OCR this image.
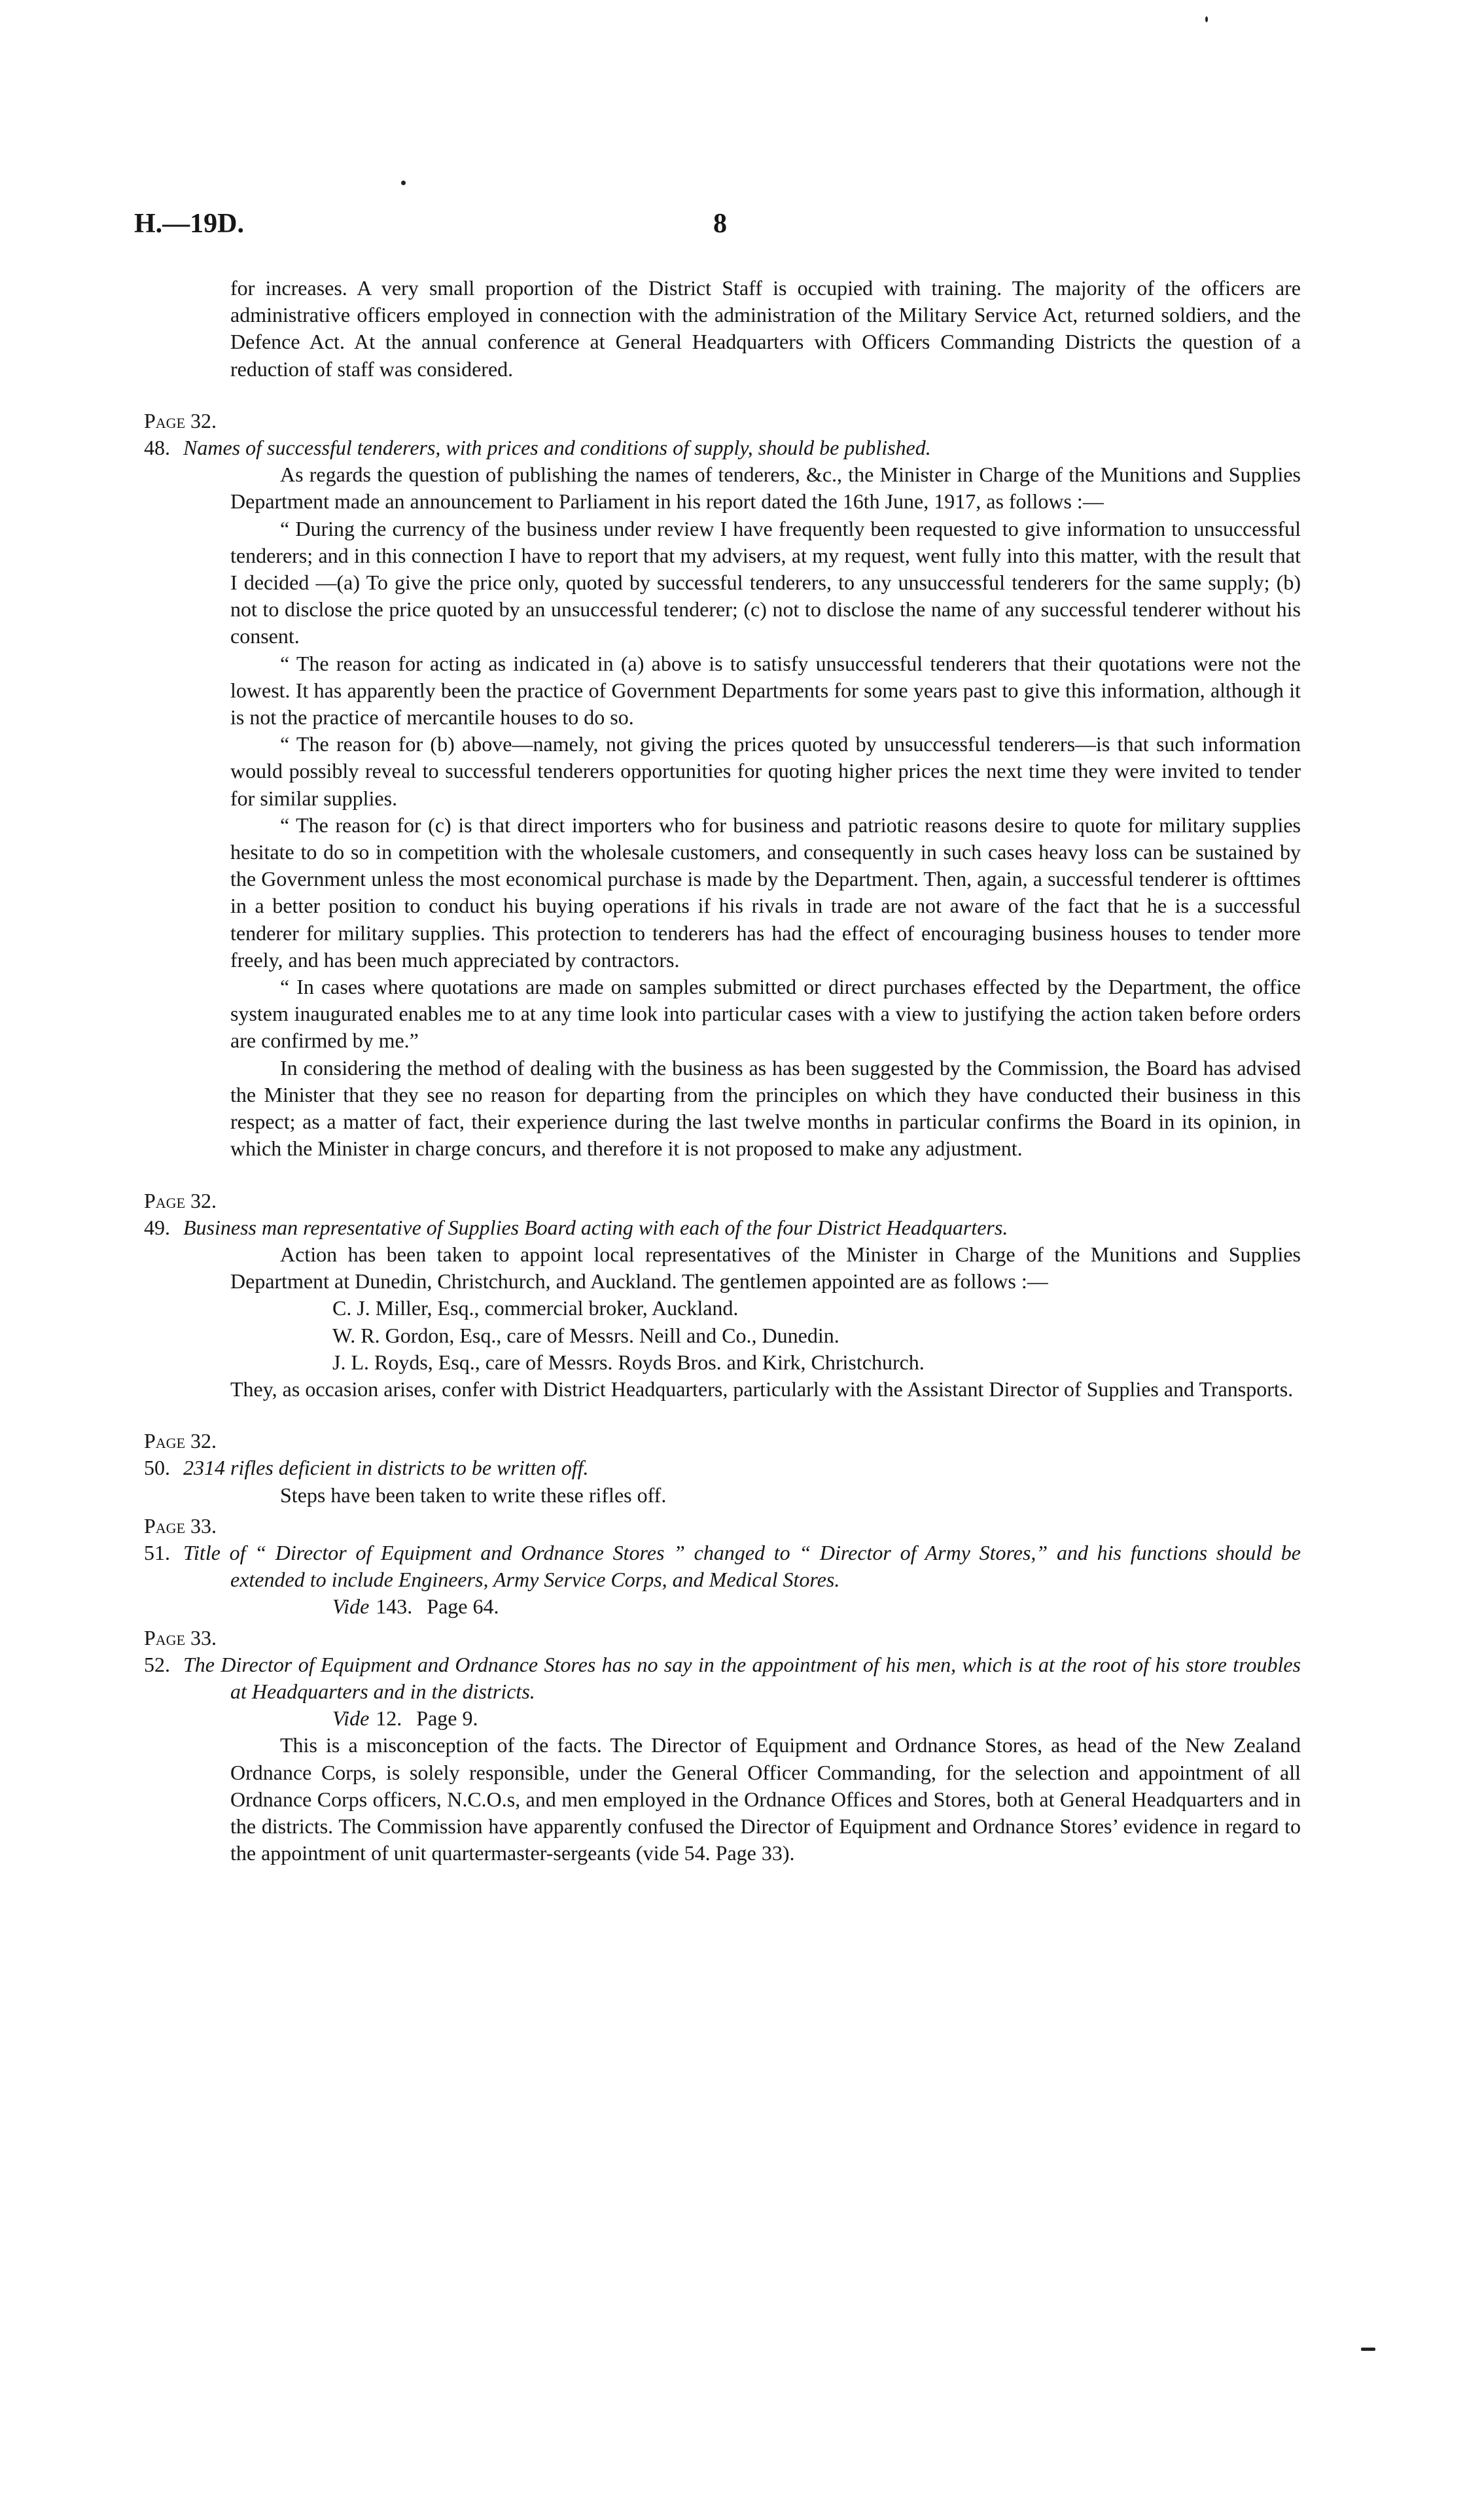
H.—19D.	8

for increases. A very small proportion of the District Staff is occupied with training. The majority of the officers are administrative officers employed in connection with the administration of the Military Service Act, returned soldiers, and the Defence Act. At the annual conference at General Headquarters with Officers Commanding Districts the question of a reduction of staff was considered.

Page 32.

48. Names of successful tenderers, with prices and conditions of supply, should be published.

As regards the question of publishing the names of tenderers, &c., the Minister in Charge of the Munitions and Supplies Department made an announcement to Parliament in his report dated the 16th June, 1917, as follows :—

“ During the currency of the business under review I have frequently been requested to give information to unsuccessful tenderers; and in this connection I have to report that my advisers, at my request, went fully into this matter, with the result that I decided —(a) To give the price only, quoted by successful tenderers, to any unsuccessful tenderers for the same supply; (b) not to disclose the price quoted by an unsuccessful tenderer; (c) not to disclose the name of any successful tenderer without his consent.

“ The reason for acting as indicated in (a) above is to satisfy unsuccessful tenderers that their quotations were not the lowest. It has apparently been the practice of Government Departments for some years past to give this information, although it is not the practice of mercantile houses to do so.

“ The reason for (b) above—namely, not giving the prices quoted by unsuccessful tenderers—is that such information would possibly reveal to successful tenderers opportunities for quoting higher prices the next time they were invited to tender for similar supplies.

“ The reason for (c) is that direct importers who for business and patriotic reasons desire to quote for military supplies hesitate to do so in competition with the wholesale customers, and consequently in such cases heavy loss can be sustained by the Government unless the most economical purchase is made by the Department. Then, again, a successful tenderer is ofttimes in a better position to conduct his buying operations if his rivals in trade are not aware of the fact that he is a successful tenderer for military supplies. This protection to tenderers has had the effect of encouraging business houses to tender more freely, and has been much appreciated by contractors.

“ In cases where quotations are made on samples submitted or direct purchases effected by the Department, the office system inaugurated enables me to at any time look into particular cases with a view to justifying the action taken before orders are confirmed by me.”

In considering the method of dealing with the business as has been suggested by the Commission, the Board has advised the Minister that they see no reason for departing from the principles on which they have conducted their business in this respect; as a matter of fact, their experience during the last twelve months in particular confirms the Board in its opinion, in which the Minister in charge concurs, and therefore it is not proposed to make any adjustment.

Page 32.

49. Business man representative of Supplies Board acting with each of the four District Headquarters.

Action has been taken to appoint local representatives of the Minister in Charge of the Munitions and Supplies Department at Dunedin, Christchurch, and Auckland. The gentlemen appointed are as follows :—

C. J. Miller, Esq., commercial broker, Auckland.

W. R. Gordon, Esq., care of Messrs. Neill and Co., Dunedin.

J. L. Royds, Esq., care of Messrs. Royds Bros. and Kirk, Christchurch.

They, as occasion arises, confer with District Headquarters, particularly with the Assistant Director of Supplies and Transports.

Page 32.

50. 2314 rifles deficient in districts to be written off.

Steps have been taken to write these rifles off.

Page 33.

51. Title of “ Director of Equipment and Ordnance Stores ” changed to “ Director of Army Stores,” and his functions should be extended to include Engineers, Army Service Corps, and Medical Stores.

Vide 143. Page 64.

Page 33.

52. The Director of Equipment and Ordnance Stores has no say in the appointment of his men, which is at the root of his store troubles at Headquarters and in the districts.

Vide 12. Page 9.

This is a misconception of the facts. The Director of Equipment and Ordnance Stores, as head of the New Zealand Ordnance Corps, is solely responsible, under the General Officer Commanding, for the selection and appointment of all Ordnance Corps officers, N.C.O.s, and men employed in the Ordnance Offices and Stores, both at General Headquarters and in the districts. The Commission have apparently confused the Director of Equipment and Ordnance Stores’ evidence in regard to the appointment of unit quartermaster-sergeants (vide 54. Page 33).
